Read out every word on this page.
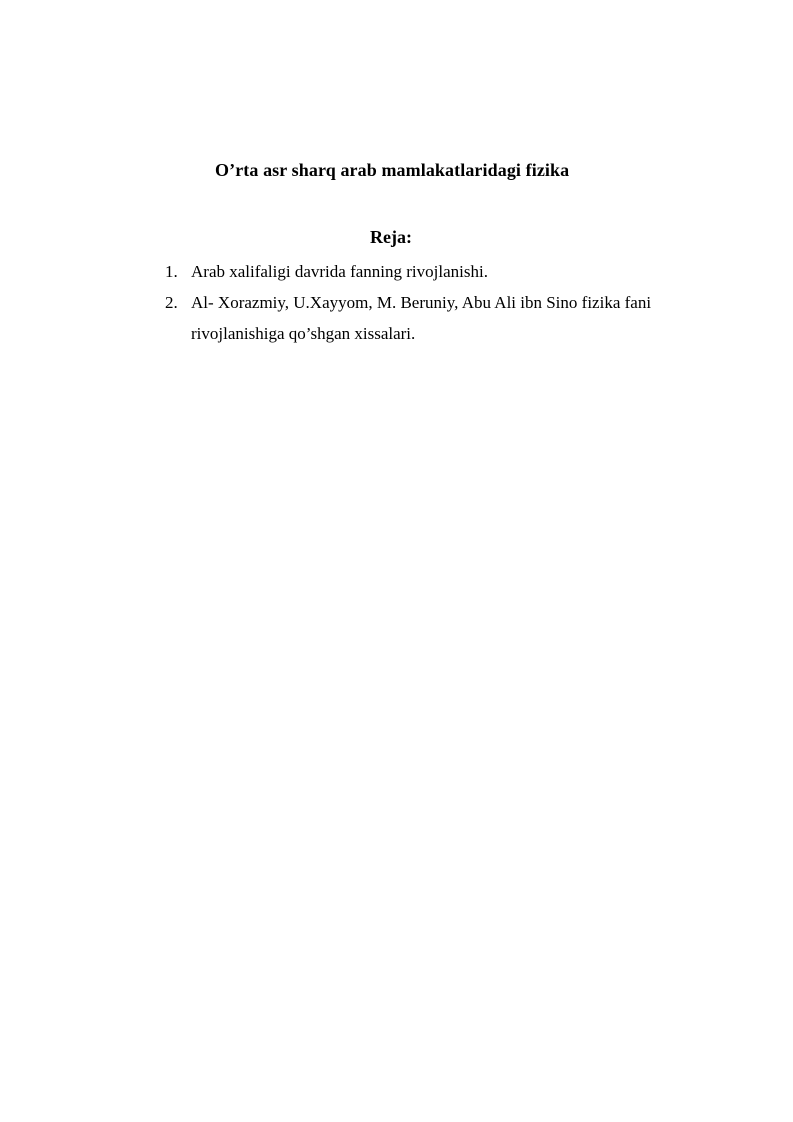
O’rta asr sharq arab mamlakatlaridagi fizika
Reja:
1. Arab xalifaligi davrida fanning rivojlanishi.
2. Al- Xorazmiy, U.Xayyom, M. Beruniy, Abu Ali ibn Sino fizika fani rivojlanishiga qo’shgan xissalari.
